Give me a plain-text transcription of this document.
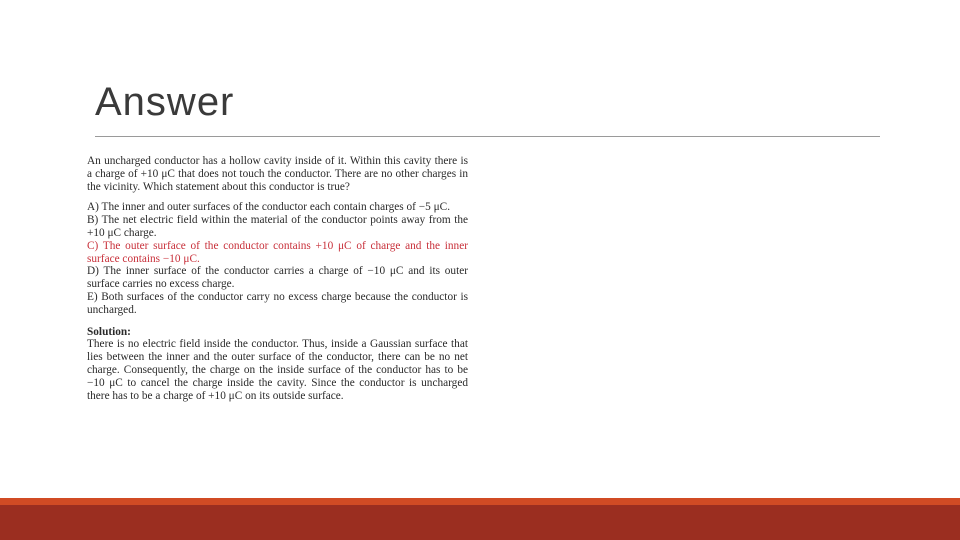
Answer

An uncharged conductor has a hollow cavity inside of it. Within this cavity there is a charge of +10 μC that does not touch the conductor. There are no other charges in the vicinity. Which statement about this conductor is true?

A) The inner and outer surfaces of the conductor each contain charges of −5 μC.

B) The net electric field within the material of the conductor points away from the +10 μC charge.

C) The outer surface of the conductor contains +10 μC of charge and the inner surface contains −10 μC.

D) The inner surface of the conductor carries a charge of −10 μC and its outer surface carries no excess charge.

E) Both surfaces of the conductor carry no excess charge because the conductor is uncharged.

Solution:

There is no electric field inside the conductor. Thus, inside a Gaussian surface that lies between the inner and the outer surface of the conductor, there can be no net charge. Consequently, the charge on the inside surface of the conductor has to be −10 μC to cancel the charge inside the cavity. Since the conductor is uncharged there has to be a charge of +10 μC on its outside surface.
